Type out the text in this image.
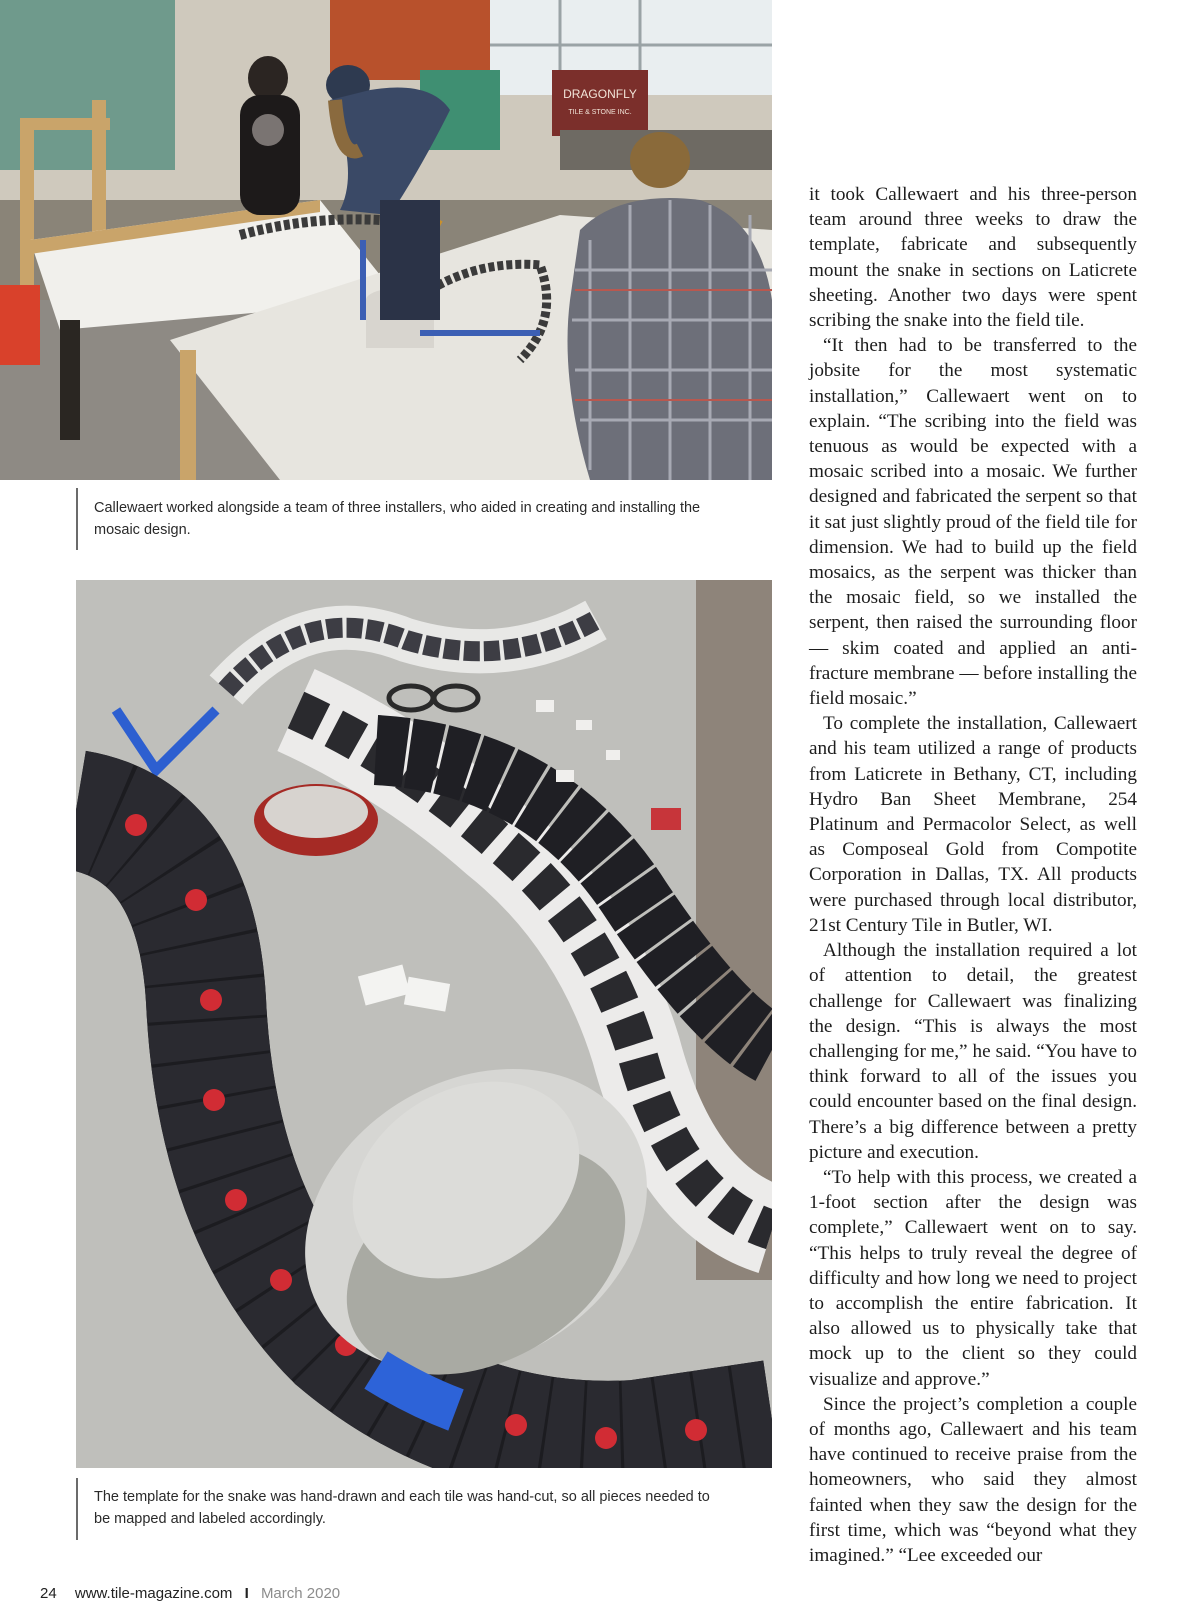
DRAGONFLY
TILE & STONE INC.
Callewaert worked alongside a team of three installers, who aided in creating and installing the mosaic design.
The template for the snake was hand-drawn and each tile was hand-cut, so all pieces needed to be mapped and labeled accordingly.

it took Callewaert and his three-person team around three weeks to draw the template, fabricate and subsequently mount the snake in sections on Laticrete sheeting. Another two days were spent scribing the snake into the field tile.

“It then had to be transferred to the jobsite for the most systematic installation,” Callewaert went on to explain. “The scribing into the field was tenuous as would be expected with a mosaic scribed into a mosaic. We further designed and fabricated the serpent so that it sat just slightly proud of the field tile for dimension. We had to build up the field mosaics, as the serpent was thicker than the mosaic field, so we installed the serpent, then raised the surrounding floor — skim coated and applied an anti-fracture membrane — before installing the field mosaic.”

To complete the installation, Callewaert and his team utilized a range of products from Laticrete in Bethany, CT, including Hydro Ban Sheet Membrane, 254 Platinum and Permacolor Select, as well as Composeal Gold from Compotite Corporation in Dallas, TX. All products were purchased through local distributor, 21st Century Tile in Butler, WI.

Although the installation required a lot of attention to detail, the greatest challenge for Callewaert was finalizing the design. “This is always the most challenging for me,” he said. “You have to think forward to all of the issues you could encounter based on the final design. There’s a big difference between a pretty picture and execution.

“To help with this process, we created a 1-foot section after the design was complete,” Callewaert went on to say. “This helps to truly reveal the degree of difficulty and how long we need to project to accomplish the entire fabrication. It also allowed us to physically take that mock up to the client so they could visualize and approve.”

Since the project’s completion a couple of months ago, Callewaert and his team have continued to receive praise from the homeowners, who said they almost fainted when they saw the design for the first time, which was “beyond what they imagined.” “Lee exceeded our

24 www.tile-magazine.com I March 2020
